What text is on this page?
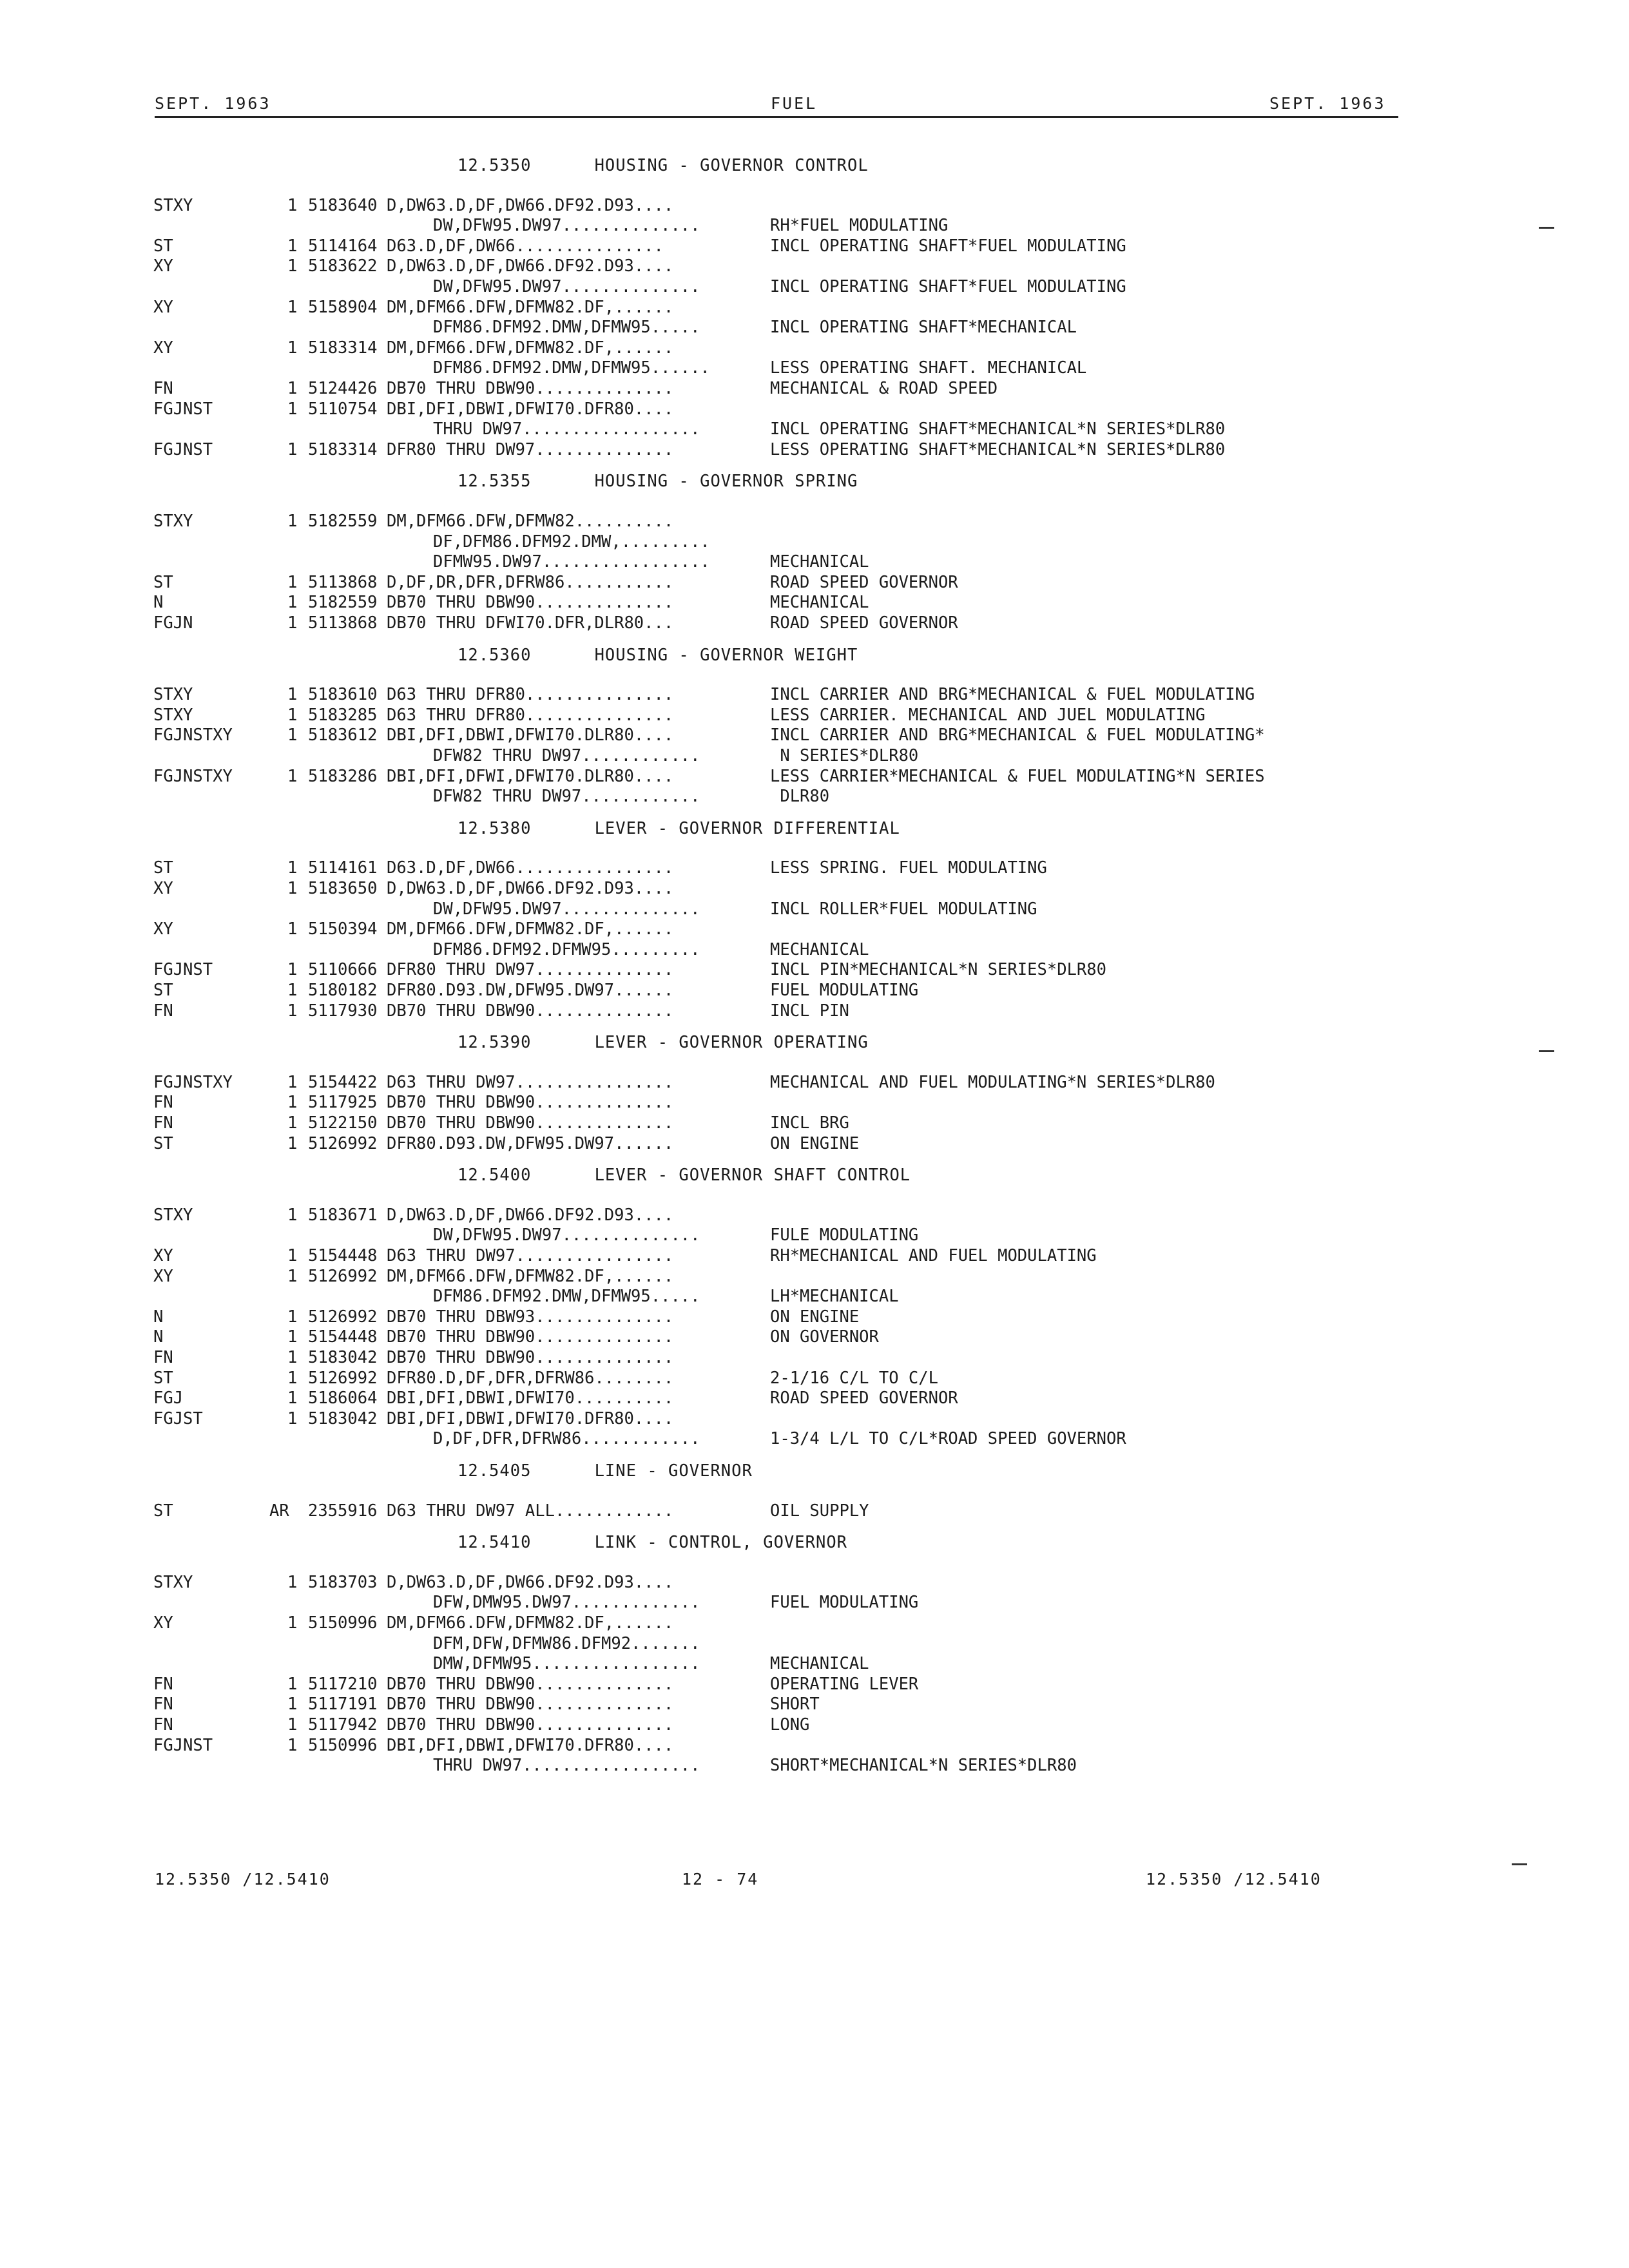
SEPT. 1963	FUEL	SEPT. 1963
12.5350      HOUSING - GOVERNOR CONTROL
STXY	1 5183640 D,DW63.D,DF,DW66.DF92.D93....
DW,DFW95.DW97..............	RH*FUEL MODULATING
ST	1 5114164 D63.D,DF,DW66...............	INCL OPERATING SHAFT*FUEL MODULATING
XY	1 5183622 D,DW63.D,DF,DW66.DF92.D93....
DW,DFW95.DW97..............	INCL OPERATING SHAFT*FUEL MODULATING
XY	1 5158904 DM,DFM66.DFW,DFMW82.DF,......
DFM86.DFM92.DMW,DFMW95.....	INCL OPERATING SHAFT*MECHANICAL
XY	1 5183314 DM,DFM66.DFW,DFMW82.DF,......
DFM86.DFM92.DMW,DFMW95......	LESS OPERATING SHAFT. MECHANICAL
FN	1 5124426 DB70 THRU DBW90..............	MECHANICAL & ROAD SPEED
FGJNST	1 5110754 DBI,DFI,DBWI,DFWI70.DFR80....
THRU DW97..................	INCL OPERATING SHAFT*MECHANICAL*N SERIES*DLR80
FGJNST	1 5183314 DFR80 THRU DW97..............	LESS OPERATING SHAFT*MECHANICAL*N SERIES*DLR80
12.5355      HOUSING - GOVERNOR SPRING
STXY	1 5182559 DM,DFM66.DFW,DFMW82..........
DF,DFM86.DFM92.DMW,.........
DFMW95.DW97.................	MECHANICAL
ST	1 5113868 D,DF,DR,DFR,DFRW86...........	ROAD SPEED GOVERNOR
N	1 5182559 DB70 THRU DBW90..............	MECHANICAL
FGJN	1 5113868 DB70 THRU DFWI70.DFR,DLR80...	ROAD SPEED GOVERNOR
12.5360      HOUSING - GOVERNOR WEIGHT
STXY	1 5183610 D63 THRU DFR80...............	INCL CARRIER AND BRG*MECHANICAL & FUEL MODULATING
STXY	1 5183285 D63 THRU DFR80...............	LESS CARRIER. MECHANICAL AND JUEL MODULATING
FGJNSTXY	1 5183612 DBI,DFI,DBWI,DFWI70.DLR80....	INCL CARRIER AND BRG*MECHANICAL & FUEL MODULATING*
DFW82 THRU DW97............	N SERIES*DLR80
FGJNSTXY	1 5183286 DBI,DFI,DFWI,DFWI70.DLR80....	LESS CARRIER*MECHANICAL & FUEL MODULATING*N SERIES
DFW82 THRU DW97............	DLR80
12.5380      LEVER - GOVERNOR DIFFERENTIAL
ST	1 5114161 D63.D,DF,DW66................	LESS SPRING. FUEL MODULATING
XY	1 5183650 D,DW63.D,DF,DW66.DF92.D93....
DW,DFW95.DW97..............	INCL ROLLER*FUEL MODULATING
XY	1 5150394 DM,DFM66.DFW,DFMW82.DF,......
DFM86.DFM92.DFMW95.........	MECHANICAL
FGJNST	1 5110666 DFR80 THRU DW97..............	INCL PIN*MECHANICAL*N SERIES*DLR80
ST	1 5180182 DFR80.D93.DW,DFW95.DW97......	FUEL MODULATING
FN	1 5117930 DB70 THRU DBW90..............	INCL PIN
12.5390      LEVER - GOVERNOR OPERATING
FGJNSTXY	1 5154422 D63 THRU DW97................	MECHANICAL AND FUEL MODULATING*N SERIES*DLR80
FN	1 5117925 DB70 THRU DBW90..............
FN	1 5122150 DB70 THRU DBW90..............	INCL BRG
ST	1 5126992 DFR80.D93.DW,DFW95.DW97......	ON ENGINE
12.5400      LEVER - GOVERNOR SHAFT CONTROL
STXY	1 5183671 D,DW63.D,DF,DW66.DF92.D93....
DW,DFW95.DW97..............	FULE MODULATING
XY	1 5154448 D63 THRU DW97................	RH*MECHANICAL AND FUEL MODULATING
XY	1 5126992 DM,DFM66.DFW,DFMW82.DF,......
DFM86.DFM92.DMW,DFMW95.....	LH*MECHANICAL
N	1 5126992 DB70 THRU DBW93..............	ON ENGINE
N	1 5154448 DB70 THRU DBW90..............	ON GOVERNOR
FN	1 5183042 DB70 THRU DBW90..............
ST	1 5126992 DFR80.D,DF,DFR,DFRW86........	2-1/16 C/L TO C/L
FGJ	1 5186064 DBI,DFI,DBWI,DFWI70..........	ROAD SPEED GOVERNOR
FGJST	1 5183042 DBI,DFI,DBWI,DFWI70.DFR80....
D,DF,DFR,DFRW86............	1-3/4 L/L TO C/L*ROAD SPEED GOVERNOR
12.5405      LINE - GOVERNOR
ST	AR 2355916 D63 THRU DW97 ALL............	OIL SUPPLY
12.5410      LINK - CONTROL, GOVERNOR
STXY	1 5183703 D,DW63.D,DF,DW66.DF92.D93....
DFW,DMW95.DW97.............	FUEL MODULATING
XY	1 5150996 DM,DFM66.DFW,DFMW82.DF,......
DFM,DFW,DFMW86.DFM92.......
DMW,DFMW95.................	MECHANICAL
FN	1 5117210 DB70 THRU DBW90..............	OPERATING LEVER
FN	1 5117191 DB70 THRU DBW90..............	SHORT
FN	1 5117942 DB70 THRU DBW90..............	LONG
FGJNST	1 5150996 DBI,DFI,DBWI,DFWI70.DFR80....
THRU DW97..................	SHORT*MECHANICAL*N SERIES*DLR80
12.5350 /12.5410	12 - 74	12.5350 /12.5410
